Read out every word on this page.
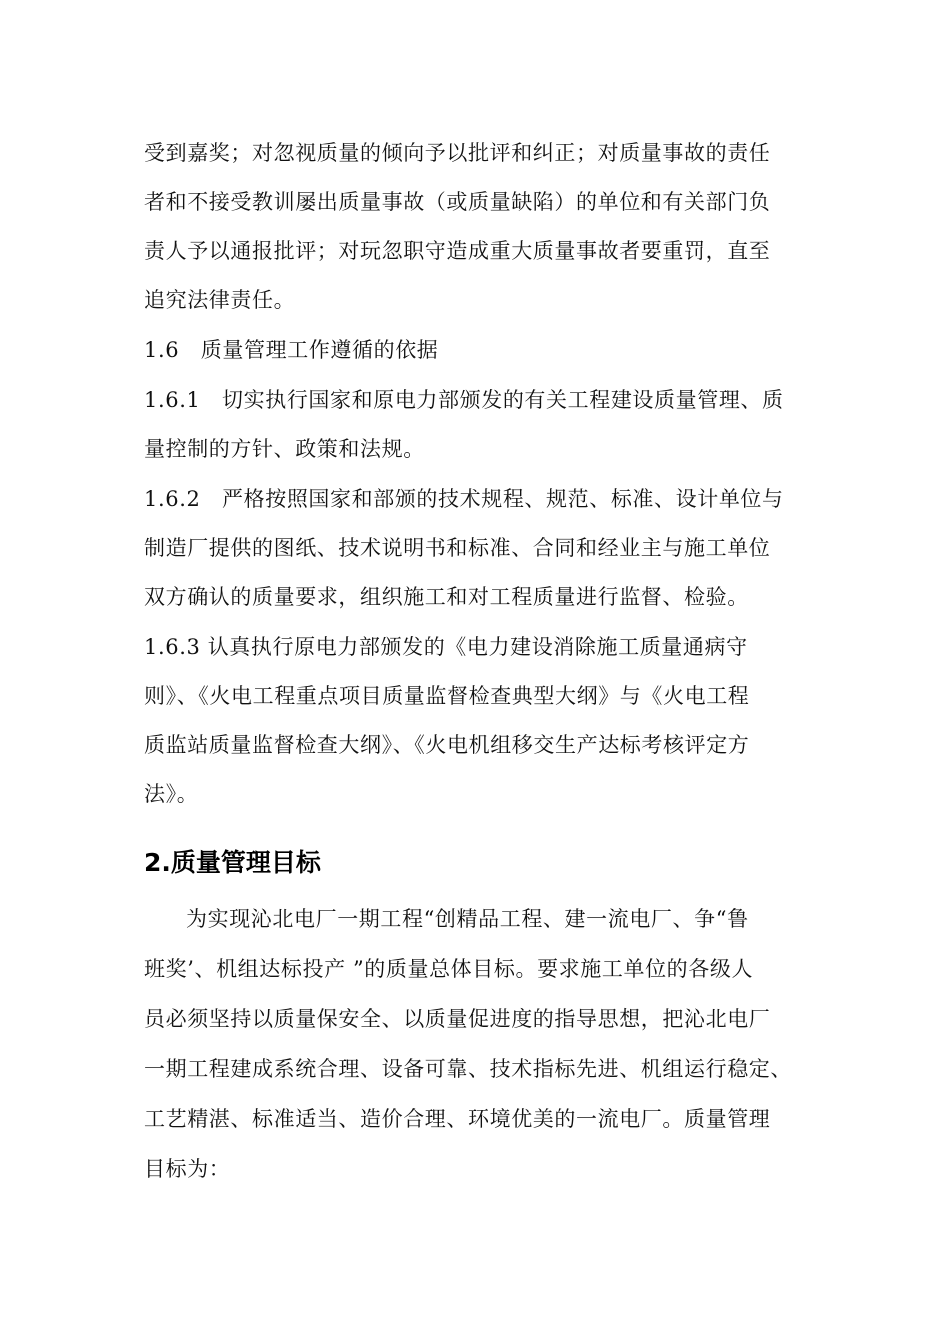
受到嘉奖；对忽视质量的倾向予以批评和纠正；对质量事故的责任
者和不接受教训屡出质量事故（或质量缺陷）的单位和有关部门负
责人予以通报批评；对玩忽职守造成重大质量事故者要重罚，直至
追究法律责任。
1.6　质量管理工作遵循的依据
1.6.1　切实执行国家和原电力部颁发的有关工程建设质量管理、质
量控制的方针、政策和法规。
1.6.2　严格按照国家和部颁的技术规程、规范、标准、设计单位与
制造厂提供的图纸、技术说明书和标准、合同和经业主与施工单位
双方确认的质量要求，组织施工和对工程质量进行监督、检验。
1.6.3 认真执行原电力部颁发的《电力建设消除施工质量通病守
则》、《火电工程重点项目质量监督检查典型大纲》与《火电工程
质监站质量监督检查大纲》、《火电机组移交生产达标考核评定方
法》。
2.质量管理目标
为实现沁北电厂一期工程“创精品工程、建一流电厂、争“鲁
班奖’、机组达标投产 ”的质量总体目标。要求施工单位的各级人
员必须坚持以质量保安全、以质量促进度的指导思想，把沁北电厂
一期工程建成系统合理、设备可靠、技术指标先进、机组运行稳定、
工艺精湛、标准适当、造价合理、环境优美的一流电厂。质量管理
目标为：
